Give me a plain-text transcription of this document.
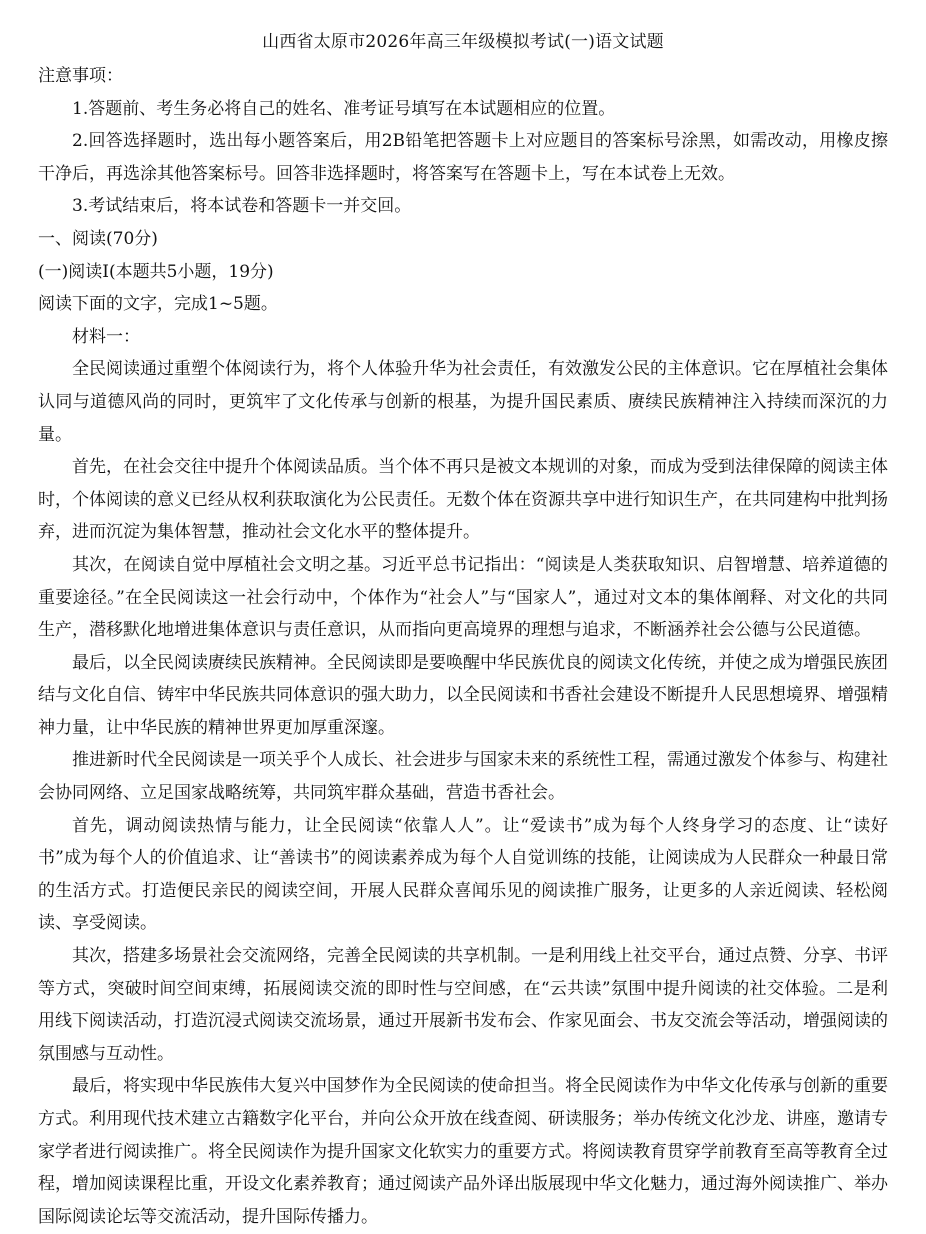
山西省太原市2026年高三年级模拟考试(一)语文试题
注意事项：
1.答题前、考生务必将自己的姓名、准考证号填写在本试题相应的位置。
2.回答选择题时，选出每小题答案后，用2B铅笔把答题卡上对应题目的答案标号涂黑，如需改动，用橡皮擦干净后，再选涂其他答案标号。回答非选择题时，将答案写在答题卡上，写在本试卷上无效。
3.考试结束后，将本试卷和答题卡一并交回。
一、阅读(70分)
(一)阅读I(本题共5小题，19分)
阅读下面的文字，完成1~5题。
材料一：
全民阅读通过重塑个体阅读行为，将个人体验升华为社会责任，有效激发公民的主体意识。它在厚植社会集体认同与道德风尚的同时，更筑牢了文化传承与创新的根基，为提升国民素质、赓续民族精神注入持续而深沉的力量。
首先，在社会交往中提升个体阅读品质。当个体不再只是被文本规训的对象，而成为受到法律保障的阅读主体时，个体阅读的意义已经从权利获取演化为公民责任。无数个体在资源共享中进行知识生产，在共同建构中批判扬弃，进而沉淀为集体智慧，推动社会文化水平的整体提升。
其次，在阅读自觉中厚植社会文明之基。习近平总书记指出：“阅读是人类获取知识、启智增慧、培养道德的重要途径。”在全民阅读这一社会行动中，个体作为“社会人”与“国家人”，通过对文本的集体阐释、对文化的共同生产，潜移默化地增进集体意识与责任意识，从而指向更高境界的理想与追求，不断涵养社会公德与公民道德。
最后，以全民阅读赓续民族精神。全民阅读即是要唤醒中华民族优良的阅读文化传统，并使之成为增强民族团结与文化自信、铸牢中华民族共同体意识的强大助力，以全民阅读和书香社会建设不断提升人民思想境界、增强精神力量，让中华民族的精神世界更加厚重深邃。
推进新时代全民阅读是一项关乎个人成长、社会进步与国家未来的系统性工程，需通过激发个体参与、构建社会协同网络、立足国家战略统筹，共同筑牢群众基础，营造书香社会。
首先，调动阅读热情与能力，让全民阅读“依靠人人”。让“爱读书”成为每个人终身学习的态度、让“读好书”成为每个人的价值追求、让“善读书”的阅读素养成为每个人自觉训练的技能，让阅读成为人民群众一种最日常的生活方式。打造便民亲民的阅读空间，开展人民群众喜闻乐见的阅读推广服务，让更多的人亲近阅读、轻松阅读、享受阅读。
其次，搭建多场景社会交流网络，完善全民阅读的共享机制。一是利用线上社交平台，通过点赞、分享、书评等方式，突破时间空间束缚，拓展阅读交流的即时性与空间感，在“云共读”氛围中提升阅读的社交体验。二是利用线下阅读活动，打造沉浸式阅读交流场景，通过开展新书发布会、作家见面会、书友交流会等活动，增强阅读的氛围感与互动性。
最后，将实现中华民族伟大复兴中国梦作为全民阅读的使命担当。将全民阅读作为中华文化传承与创新的重要方式。利用现代技术建立古籍数字化平台，并向公众开放在线查阅、研读服务；举办传统文化沙龙、讲座，邀请专家学者进行阅读推广。将全民阅读作为提升国家文化软实力的重要方式。将阅读教育贯穿学前教育至高等教育全过程，增加阅读课程比重，开设文化素养教育；通过阅读产品外译出版展现中华文化魅力，通过海外阅读推广、举办国际阅读论坛等交流活动，提升国际传播力。
